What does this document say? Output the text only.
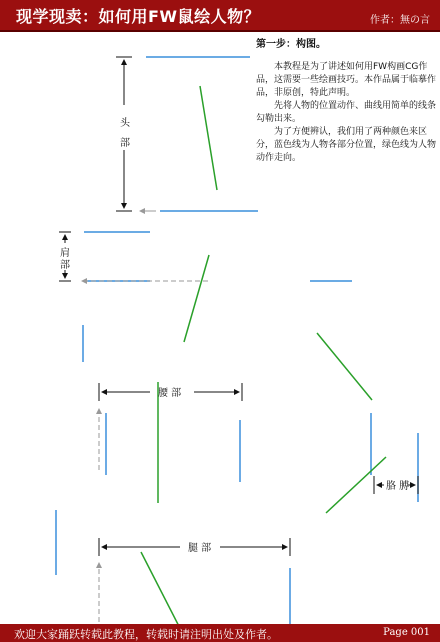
现学现卖：如何用FW鼠绘人物？	作者：無の言
头
部
肩
部
腰 部
胳 膊
腿 部
第一步：构图。

本教程是为了讲述如何用FW构画CG作品，这需要一些绘画技巧。本作品属于临摹作品，非原创，特此声明。

先将人物的位置动作、曲线用简单的线条勾勒出来。

为了方便辨认，我们用了两种颜色来区分，蓝色线为人物各部分位置，绿色线为人物动作走向。

欢迎大家踊跃转载此教程，转载时请注明出处及作者。	Page 001
